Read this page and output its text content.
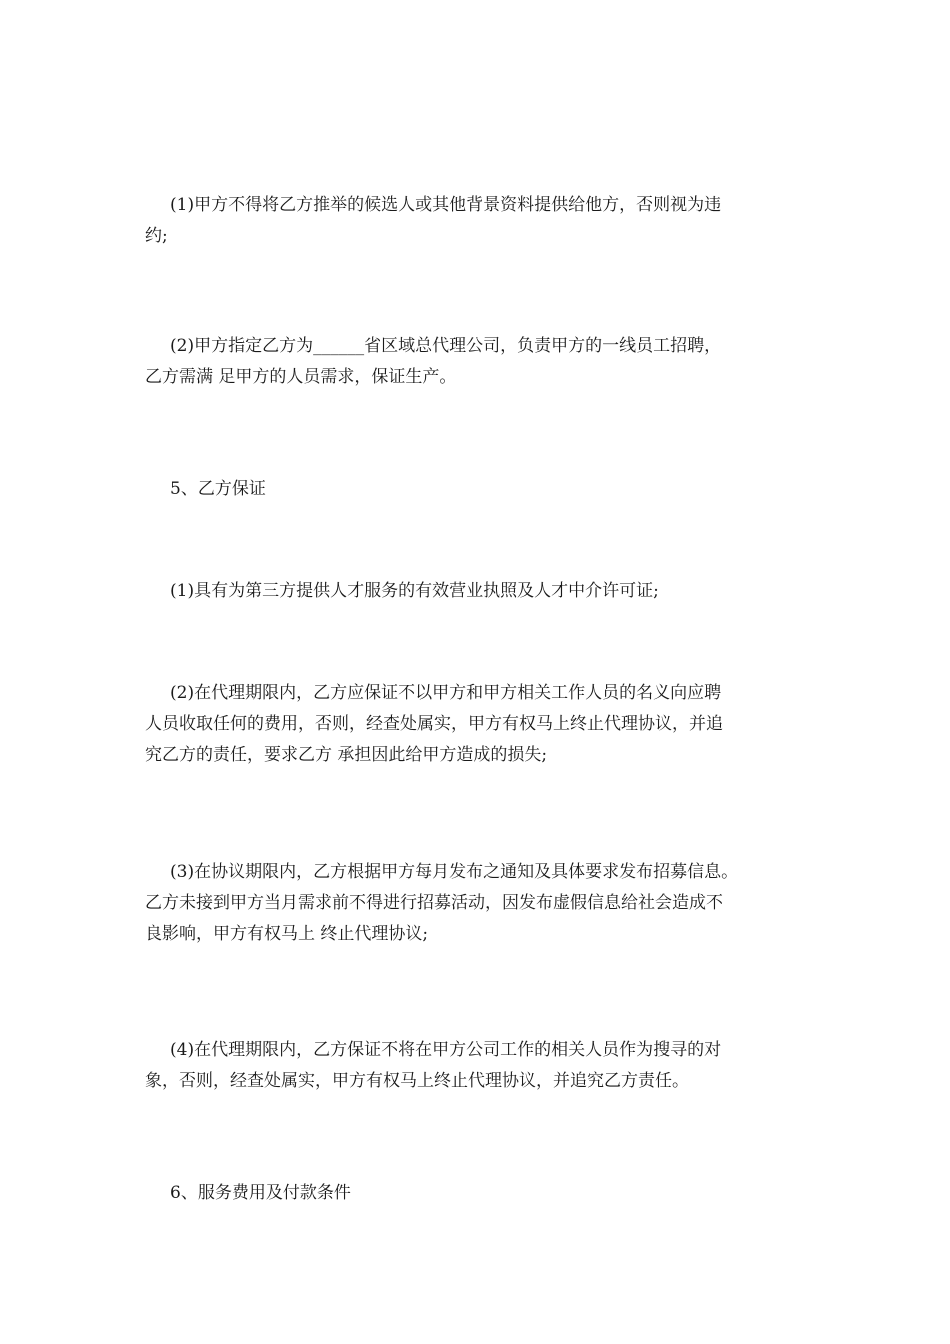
(1)甲方不得将乙方推举的候选人或其他背景资料提供给他方，否则视为违
约;

(2)甲方指定乙方为______省区域总代理公司，负责甲方的一线员工招聘，
乙方需满 足甲方的人员需求，保证生产。

5、乙方保证

(1)具有为第三方提供人才服务的有效营业执照及人才中介许可证;

(2)在代理期限内，乙方应保证不以甲方和甲方相关工作人员的名义向应聘
人员收取任何的费用，否则，经查处属实，甲方有权马上终止代理协议，并追
究乙方的责任，要求乙方 承担因此给甲方造成的损失;

(3)在协议期限内，乙方根据甲方每月发布之通知及具体要求发布招募信息。
乙方未接到甲方当月需求前不得进行招募活动，因发布虚假信息给社会造成不
良影响，甲方有权马上 终止代理协议;

(4)在代理期限内，乙方保证不将在甲方公司工作的相关人员作为搜寻的对
象，否则，经查处属实，甲方有权马上终止代理协议，并追究乙方责任。

6、服务费用及付款条件
